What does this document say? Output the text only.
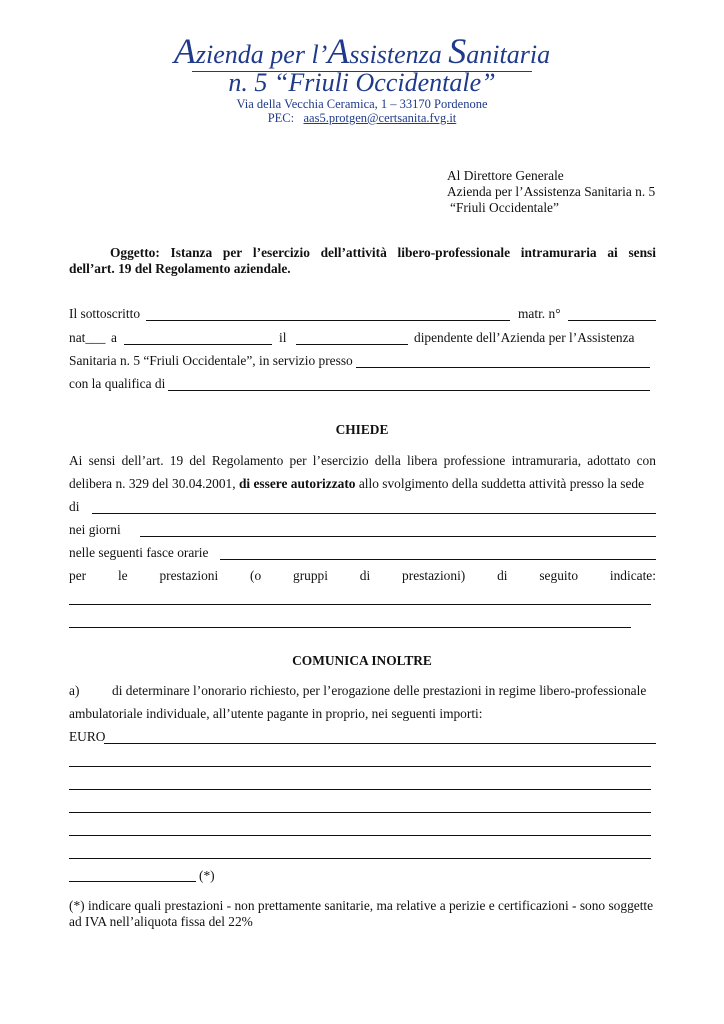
Azienda per l’Assistenza Sanitaria
n. 5 “Friuli Occidentale”
Via della Vecchia Ceramica, 1 – 33170 Pordenone
PEC: aas5.protgen@certsanita.fvg.it
Al Direttore Generale
Azienda per l’Assistenza Sanitaria n. 5
“Friuli Occidentale”
Oggetto: Istanza per l’esercizio dell’attività libero-professionale intramuraria ai sensi
dell’art. 19 del Regolamento aziendale.
Il sottoscritto	matr. n°
nat___ a	il	dipendente dell’Azienda per l’Assistenza
Sanitaria n. 5 “Friuli Occidentale”, in servizio presso
con la qualifica di
CHIEDE
Ai sensi dell’art. 19 del Regolamento per l’esercizio della libera professione intramuraria, adottato con
delibera n. 329 del 30.04.2001, di essere autorizzato allo svolgimento della suddetta attività presso la sede
di
nei giorni
nelle seguenti fasce orarie
per le prestazioni (o gruppi di prestazioni) di seguito indicate:
COMUNICA INOLTRE
a) di determinare l’onorario richiesto, per l’erogazione delle prestazioni in regime libero-professionale
ambulatoriale individuale, all’utente pagante in proprio, nei seguenti importi:
EURO
(*)
(*) indicare quali prestazioni - non prettamente sanitarie, ma relative a perizie e certificazioni - sono soggette
ad IVA nell’aliquota fissa del 22%
